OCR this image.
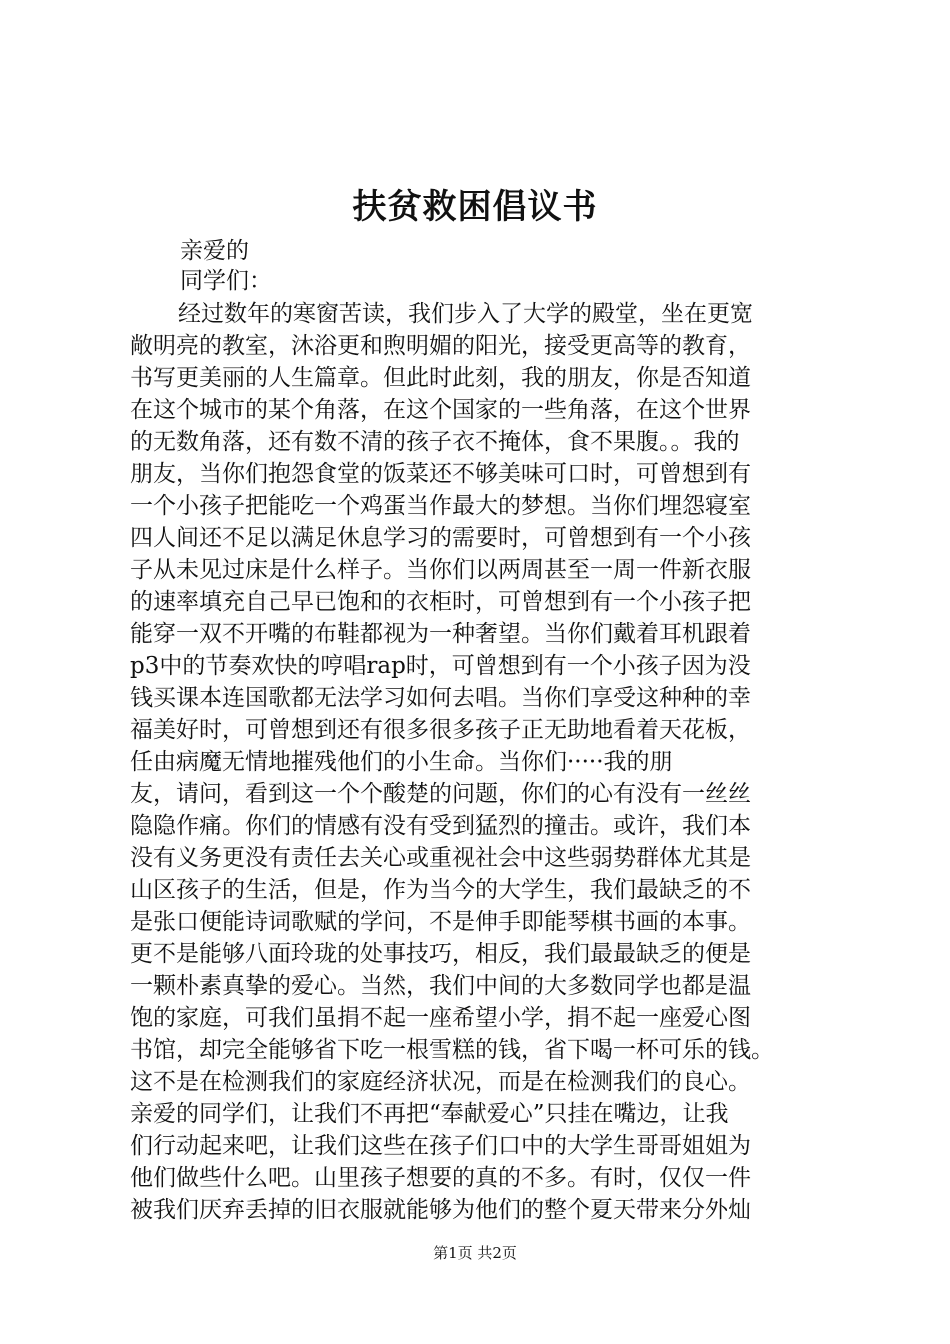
扶贫救困倡议书
亲爱的
同学们：
经过数年的寒窗苦读，我们步入了大学的殿堂，坐在更宽
敞明亮的教室，沐浴更和煦明媚的阳光，接受更高等的教育，
书写更美丽的人生篇章。但此时此刻，我的朋友，你是否知道
在这个城市的某个角落，在这个国家的一些角落，在这个世界
的无数角落，还有数不清的孩子衣不掩体，食不果腹。。我的
朋友，当你们抱怨食堂的饭菜还不够美味可口时，可曾想到有
一个小孩子把能吃一个鸡蛋当作最大的梦想。当你们埋怨寝室
四人间还不足以满足休息学习的需要时，可曾想到有一个小孩
子从未见过床是什么样子。当你们以两周甚至一周一件新衣服
的速率填充自己早已饱和的衣柜时，可曾想到有一个小孩子把
能穿一双不开嘴的布鞋都视为一种奢望。当你们戴着耳机跟着
p3中的节奏欢快的哼唱rap时，可曾想到有一个小孩子因为没
钱买课本连国歌都无法学习如何去唱。当你们享受这种种的幸
福美好时，可曾想到还有很多很多孩子正无助地看着天花板，
任由病魔无情地摧残他们的小生命。当你们·····我的朋
友，请问，看到这一个个酸楚的问题，你们的心有没有一丝丝
隐隐作痛。你们的情感有没有受到猛烈的撞击。或许，我们本
没有义务更没有责任去关心或重视社会中这些弱势群体尤其是
山区孩子的生活，但是，作为当今的大学生，我们最缺乏的不
是张口便能诗词歌赋的学问，不是伸手即能琴棋书画的本事。
更不是能够八面玲珑的处事技巧，相反，我们最最缺乏的便是
一颗朴素真挚的爱心。当然，我们中间的大多数同学也都是温
饱的家庭，可我们虽捐不起一座希望小学，捐不起一座爱心图
书馆，却完全能够省下吃一根雪糕的钱，省下喝一杯可乐的钱。
这不是在检测我们的家庭经济状况，而是在检测我们的良心。
亲爱的同学们，让我们不再把“奉献爱心”只挂在嘴边，让我
们行动起来吧，让我们这些在孩子们口中的大学生哥哥姐姐为
他们做些什么吧。山里孩子想要的真的不多。有时，仅仅一件
被我们厌弃丢掉的旧衣服就能够为他们的整个夏天带来分外灿
第1页 共2页
